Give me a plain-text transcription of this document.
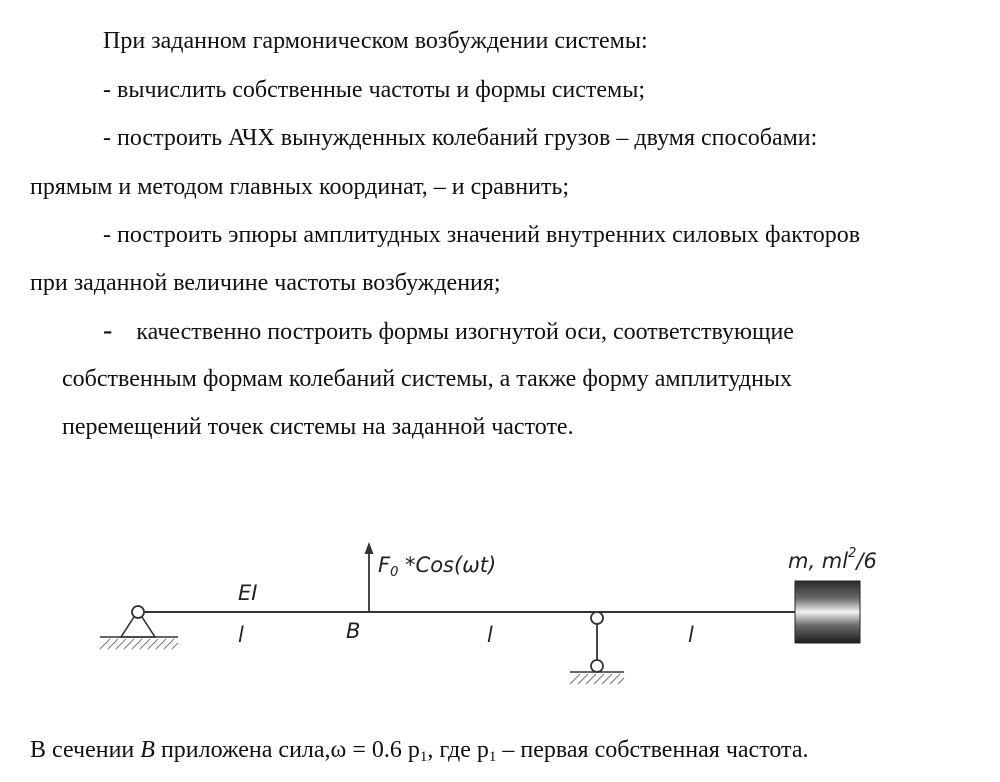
При заданном гармоническом возбуждении системы:
- вычислить собственные частоты и формы системы;
- построить АЧХ вынужденных колебаний грузов – двумя способами:
прямым и методом главных координат, – и сравнить;
- построить эпюры амплитудных значений внутренних силовых факторов
при заданной величине частоты возбуждения;
- качественно построить формы изогнутой оси, соответствующие
собственным формам колебаний системы, а также форму амплитудных
перемещений точек системы на заданной частоте.
F0 *Cos(ωt)
EI
B
l	l	l
m, $ml^2/6$
В сечении B приложена сила,ω = 0.6 $p_1$, где $p_1$ – первая собственная частота.
